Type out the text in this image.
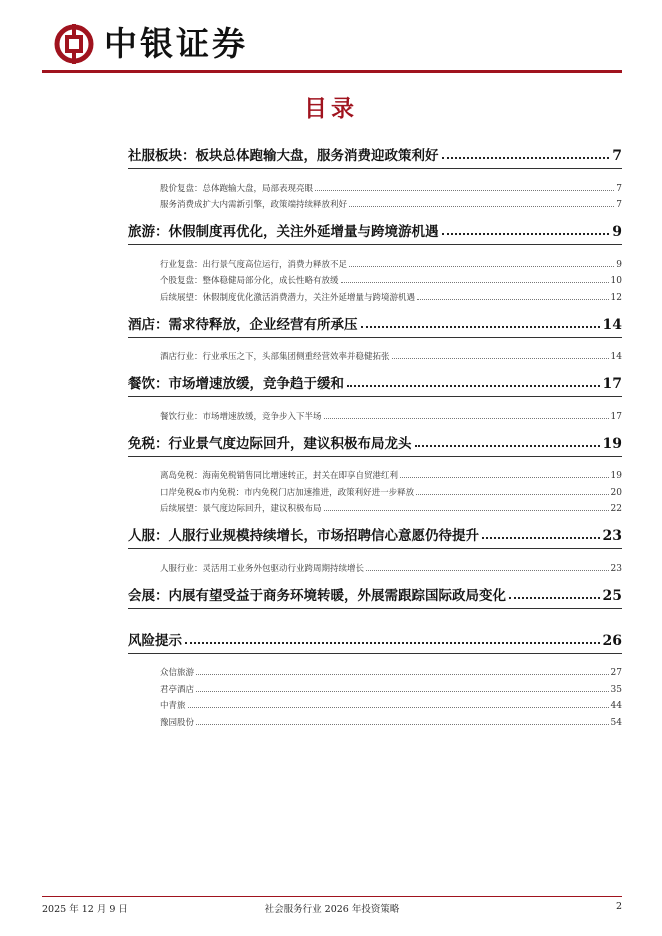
中银证券
目录
社服板块：板块总体跑输大盘，服务消费迎政策利好	7
股价复盘：总体跑输大盘，局部表现亮眼	7
服务消费成扩大内需新引擎，政策端持续释放利好	7
旅游：休假制度再优化，关注外延增量与跨境游机遇	9
行业复盘：出行景气度高位运行，消费力释放不足	9
个股复盘：整体稳健局部分化，成长性略有放缓	10
后续展望：休假制度优化激活消费潜力，关注外延增量与跨境游机遇	12
酒店：需求待释放，企业经营有所承压	14
酒店行业：行业承压之下，头部集团侧重经营效率并稳健拓张	14
餐饮：市场增速放缓，竞争趋于缓和	17
餐饮行业：市场增速放缓，竞争步入下半场	17
免税：行业景气度边际回升，建议积极布局龙头	19
离岛免税：海南免税销售同比增速转正，封关在即享自贸港红利	19
口岸免税&市内免税：市内免税门店加速推进，政策利好进一步释放	20
后续展望：景气度边际回升，建议积极布局	22
人服：人服行业规模持续增长，市场招聘信心意愿仍待提升	23
人服行业：灵活用工业务外包驱动行业跨周期持续增长	23
会展：内展有望受益于商务环境转暖，外展需跟踪国际政局变化	25
风险提示	26
众信旅游	27
君亭酒店	35
中青旅	44
豫园股份	54
2025 年 12 月 9 日	社会服务行业 2026 年投资策略	2
